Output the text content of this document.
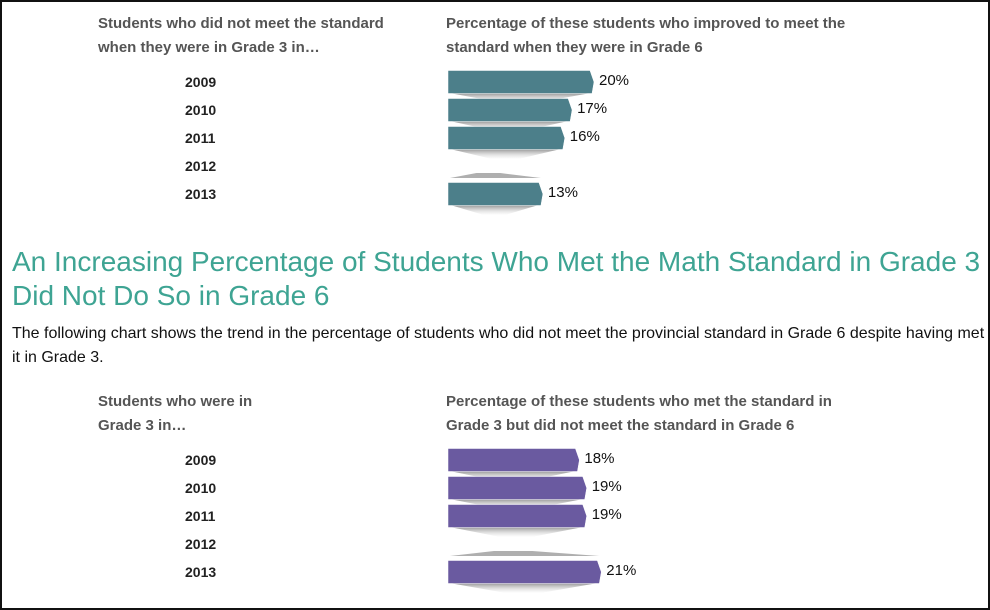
Students who did not meet the standard when they were in Grade 3 in…
Percentage of these students who improved to meet the standard when they were in Grade 6
2009	20%
2010	17%
2011	16%
2012
2013	13%
An Increasing Percentage of Students Who Met the Math Standard in Grade 3 Did Not Do So in Grade 6

The following chart shows the trend in the percentage of students who did not meet the provincial standard in Grade 6 despite having met it in Grade 3.

Students who were in Grade 3 in…
Percentage of these students who met the standard in Grade 3 but did not meet the standard in Grade 6
2009	18%
2010	19%
2011	19%
2012
2013	21%
